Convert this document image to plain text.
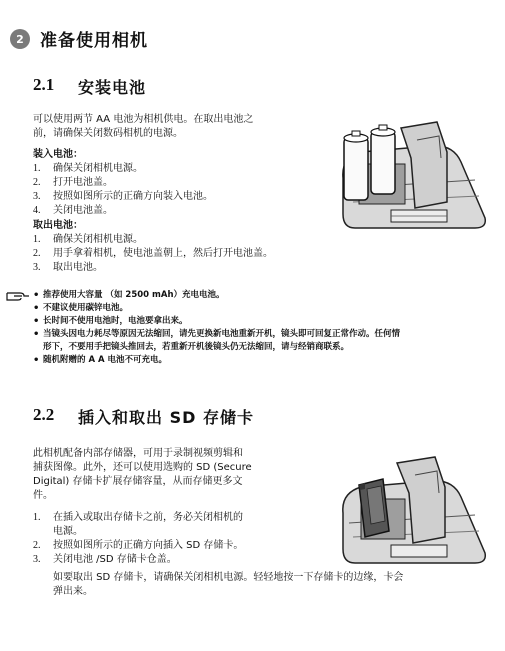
2 准备使用相机
2.1 安装电池
可以使用两节 AA 电池为相机供电。在取出电池之
前，请确保关闭数码相机的电源。
装入电池：
1. 确保关闭相机电源。
2. 打开电池盖。
3. 按照如图所示的正确方向装入电池。
4. 关闭电池盖。
取出电池：
1. 确保关闭相机电源。
2. 用手拿着相机，使电池盖朝上，然后打开电池盖。
3. 取出电池。
• 推荐使用大容量 （如 2500 mAh）充电电池。
• 不建议使用碳锌电池。
• 长时间不使用电池时，电池要拿出来。
• 当镜头因电力耗尽等原因无法缩回，请先更换新电池重新开机，镜头即可回复正常作动。任何情
形下，不要用手把镜头推回去，若重新开机後镜头仍无法缩回，请与经销商联系。
• 随机附赠的 A A 电池不可充电。
2.2 插入和取出 SD 存储卡
此相机配备内部存储器，可用于录制视频剪辑和
捕获图像。此外，还可以使用选购的 SD (Secure
Digital) 存储卡扩展存储容量，从而存储更多文
件。
1. 在插入或取出存储卡之前，务必关闭相机的
电源。
2. 按照如图所示的正确方向插入 SD 存储卡。
3. 关闭电池 /SD 存储卡仓盖。
如要取出 SD 存储卡，请确保关闭相机电源。轻轻地按一下存储卡的边缘，卡会
弹出来。
